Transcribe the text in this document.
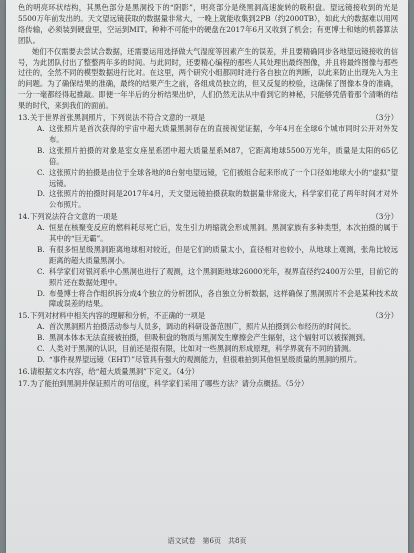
色的明亮环状结构，其黑色部分是黑洞投下的“阴影”，明亮部分是绕黑洞高速旋转的吸积盘。望远镜接收到的光是5500万年前发出的。天文望远镜获取的数据量非常大，一晚上就能收集到2PB（约2000TB），如此大的数据难以用网络传输，必须装到硬盘里，空运到MIT。种种不可能中的硬盘在2017年6月又收到了机会；有更博士和她的机器算法团队。

她们不仅需要去尝试合数据，还需要运用选择做大气湿度等因素产生的误差，并且要精确同步各地望远镜接收的信号，为此团队付出了整整两年多的时间。与此同时，还要精心编程的那些人其处理出最终图像，并且将最终图像与那些过往的，全然不同的模型数据进行比对。在这里，两个研究小组都同时进行各自独立的判断，以此来防止出现先入为主的问题。为了确保结果的准确，最终的结果产生之前，各组成员独立的，但又反复的校验，这确保了图像本身的准确，一分一毫都经得起推敲。即便一年半后的分析结果出炉，人们仍然无法从中看到它的神秘，只能够凭借着那个清晰的结果的时代，来到我们的面前。

13. 关于世界首张黑洞照片，下列说法不符合文意的一项是	（3分）
A. 这张照片是首次获得的宇宙中超大质量黑洞存在的直接视觉证据，今年4月在全球6个城市同时公开对外发布。
B. 这张照片拍摄的对象是室女座星系团中超大质量星系M87，它距离地球5500万光年，质量是太阳的65亿倍。
C. 这张照片的拍摄是由位于全球各地的8台射电望远镜，它们被组合起来形成了一个口径如地球大小的“虚拟”望远镜。
D. 这张照片的拍摄时间是2017年4月，天文望远镜拍摄获取的数据量非常庞大，科学家们花了两年时间才对外公布照片。
14. 下列说法符合文意的一项是	（3分）
A. 恒星在核聚变反应的燃料耗尽死亡后，发生引力坍缩就会形成黑洞。黑洞家族有多种类型，本次拍摄的属于其中的“巨无霸”。
B. 有很多恒星级黑洞距离地球相对较近，但是它们的质量太小，直径相对也较小，从地球上观测，张角比较远距离的超大质量黑洞小。
C. 科学家们对银河系中心黑洞也进行了观测，这个黑洞距地球26000光年，视界直径约2400万公里，目前它的照片还在数据处理中。
D. 布曼博士将合作组织拆分成4个独立的分析团队，各自独立分析数据，这样确保了黑洞照片不会是某种技术故障或误差的结果。
15. 下列对材料中相关内容的理解和分析，不正确的一项是	（3分）
A. 首次黑洞照片拍摄活动参与人员多，调动的科研设备范围广，照片从拍摄到公布经历的时间长。
B. 黑洞本体本无法直接被拍摄，但吸积盘的物质与黑洞发生摩擦会产生辐射，这个辐射可以被探测到。
C. 人类对于黑洞的认识，目前还是很有限，比如对一些黑洞的形成原理，科学界就有不同的猜测。
D. “事件视界望远镜（EHT）”尽管具有强大的观测能力，但很难拍到其他恒星级质量的黑洞的照片。
16. 请根据文本内容，给“超大质量黑洞”下定义。（4分）
17. 为了能拍到黑洞并保证照片的可信度，科学家们采用了哪些方法？请分点概括。（5分）
语文试卷　第6页　共8页
